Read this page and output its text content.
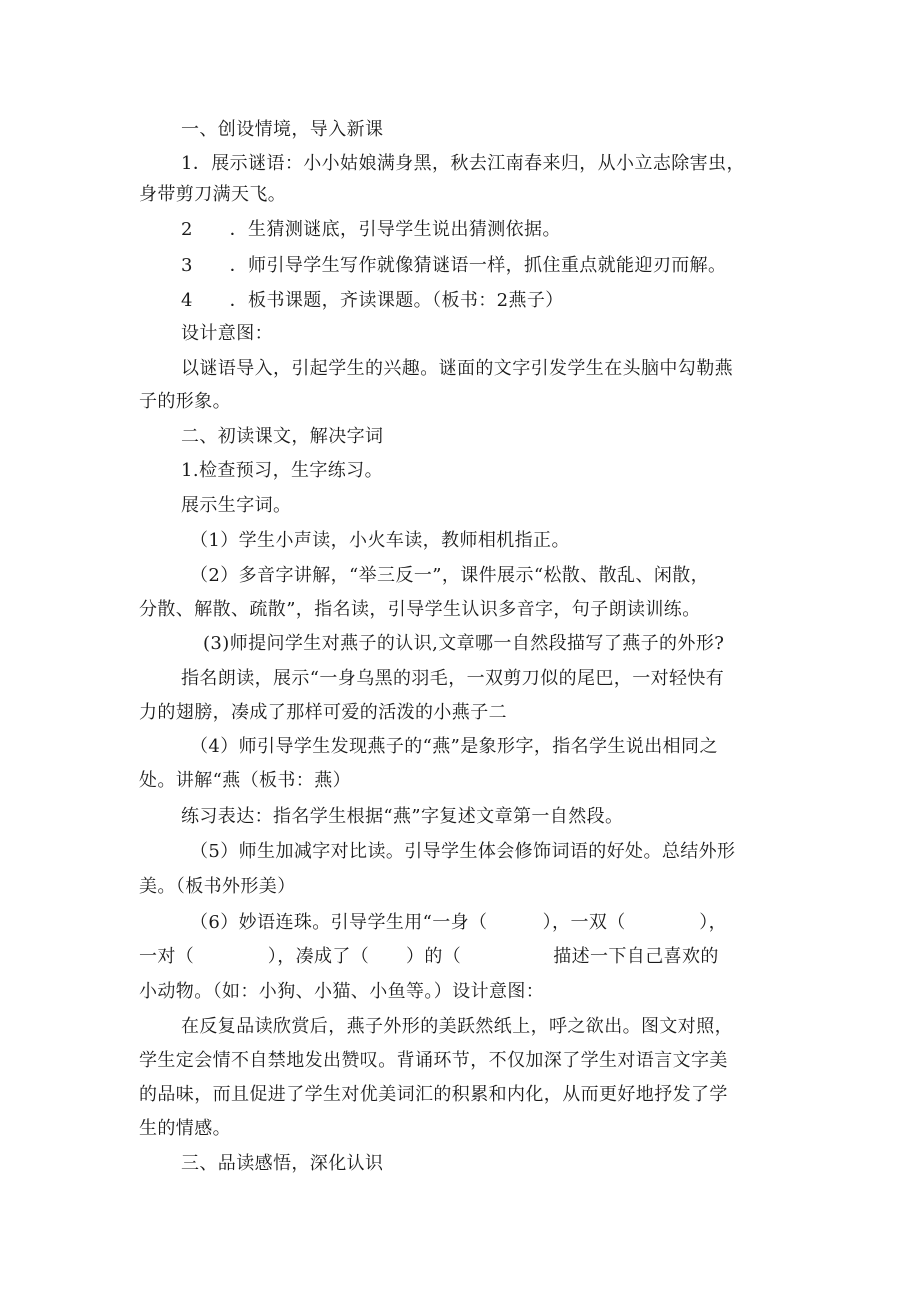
一、创设情境，导入新课
1．展示谜语：小小姑娘满身黑，秋去江南春来归，从小立志除害虫，
身带剪刀满天飞。
2　　．生猜测谜底，引导学生说出猜测依据。
3　　．师引导学生写作就像猜谜语一样，抓住重点就能迎刃而解。
4　　．板书课题，齐读课题。（板书：2燕子）
设计意图：
以谜语导入，引起学生的兴趣。谜面的文字引发学生在头脑中勾勒燕
子的形象。
二、初读课文，解决字词
1.检查预习，生字练习。
展示生字词。
（1）学生小声读，小火车读，教师相机指正。
（2）多音字讲解，“举三反一”，课件展示“松散、散乱、闲散，
分散、解散、疏散”，指名读，引导学生认识多音字，句子朗读训练。
(3)师提问学生对燕子的认识,文章哪一自然段描写了燕子的外形?
指名朗读，展示“一身乌黑的羽毛，一双剪刀似的尾巴，一对轻快有
力的翅膀，凑成了那样可爱的活泼的小燕子二
（4）师引导学生发现燕子的“燕”是象形字，指名学生说出相同之
处。讲解“燕（板书：燕）
练习表达：指名学生根据“燕”字复述文章第一自然段。
（5）师生加减字对比读。引导学生体会修饰词语的好处。总结外形
美。（板书外形美）
（6）妙语连珠。引导学生用“一身（　　　），一双（　　　　），
一对（　　　　），凑成了（　　）的（　　　　　描述一下自己喜欢的
小动物。（如：小狗、小猫、小鱼等。）设计意图：
在反复品读欣赏后，燕子外形的美跃然纸上，呼之欲出。图文对照，
学生定会情不自禁地发出赞叹。背诵环节，不仅加深了学生对语言文字美
的品味，而且促进了学生对优美词汇的积累和内化，从而更好地抒发了学
生的情感。
三、品读感悟，深化认识
